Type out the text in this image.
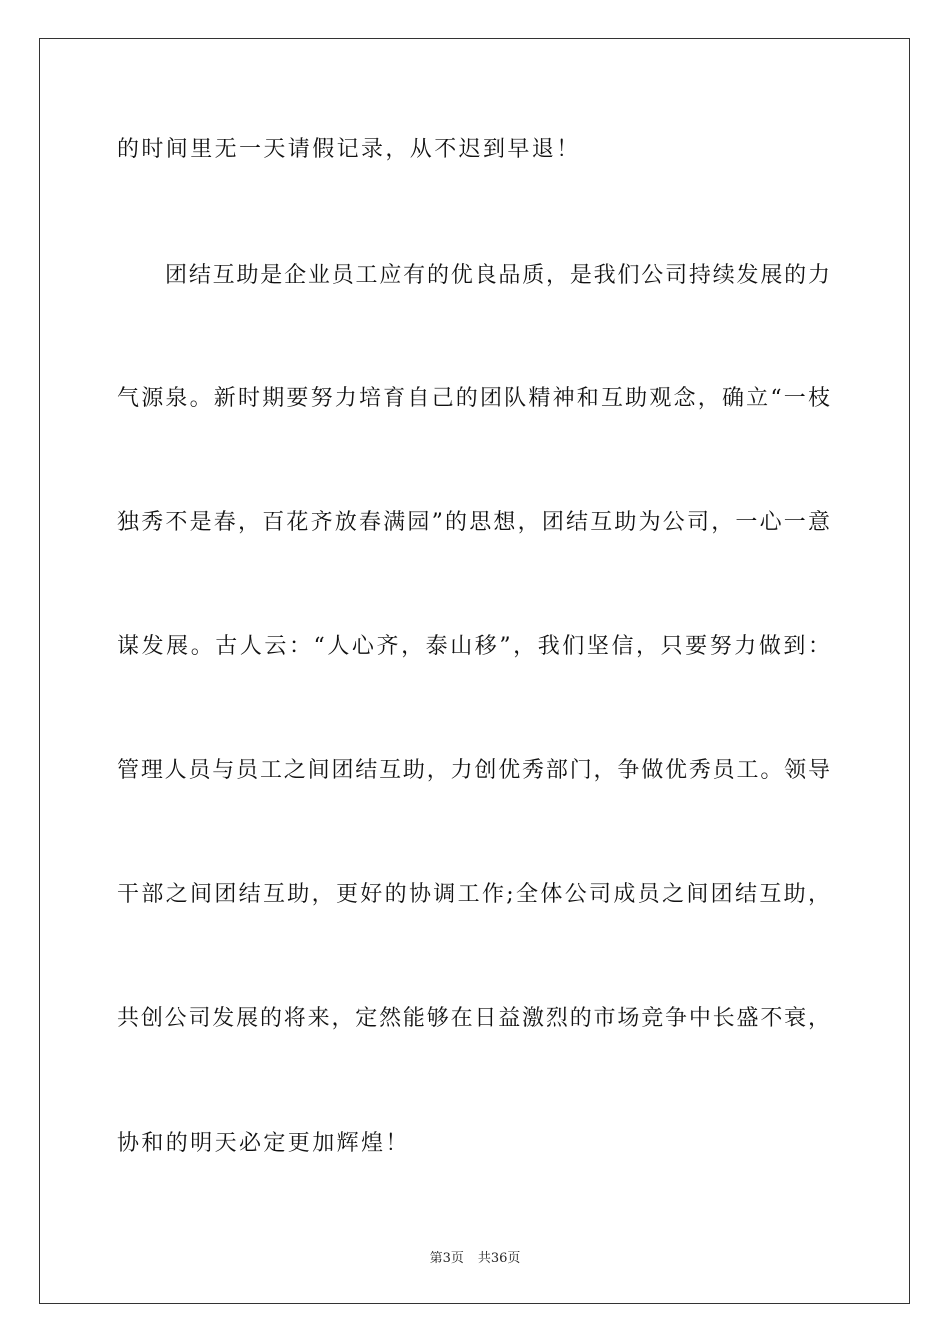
的时间里无一天请假记录，从不迟到早退！
团结互助是企业员工应有的优良品质，是我们公司持续发展的力
气源泉。新时期要努力培育自己的团队精神和互助观念，确立“一枝
独秀不是春，百花齐放春满园”的思想，团结互助为公司，一心一意
谋发展。古人云：“人心齐，泰山移”，我们坚信，只要努力做到：
管理人员与员工之间团结互助，力创优秀部门，争做优秀员工。领导
干部之间团结互助，更好的协调工作;全体公司成员之间团结互助，
共创公司发展的将来，定然能够在日益激烈的市场竞争中长盛不衰，
协和的明天必定更加辉煌！
第3页 共36页
